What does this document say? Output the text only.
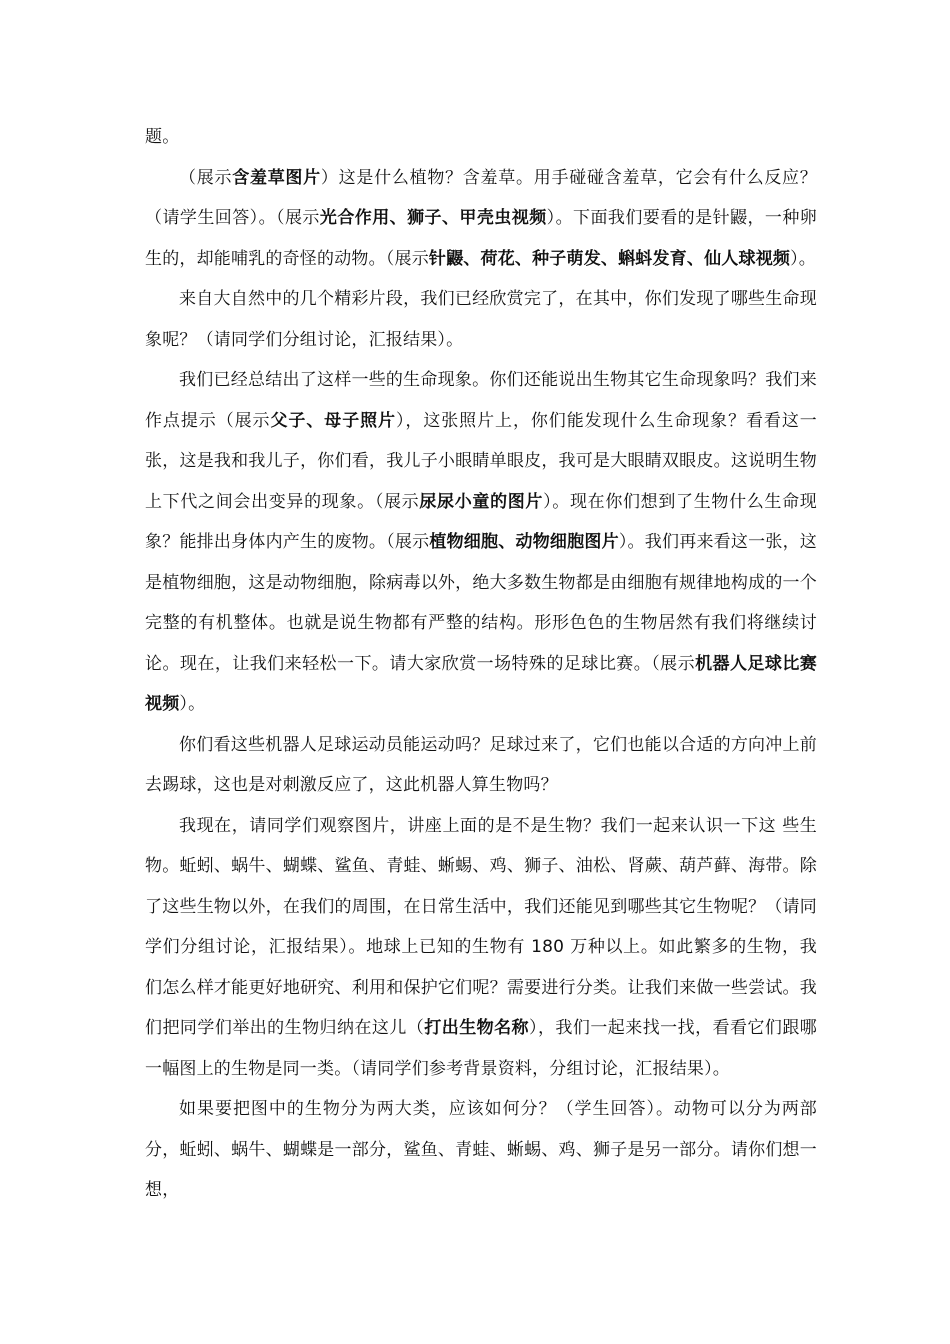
题。

（展示含羞草图片）这是什么植物？含羞草。用手碰碰含羞草，它会有什么反应？（请学生回答）。（展示光合作用、狮子、甲壳虫视频）。下面我们要看的是针鼹，一种卵生的，却能哺乳的奇怪的动物。（展示针鼹、荷花、种子萌发、蝌蚪发育、仙人球视频）。

来自大自然中的几个精彩片段，我们已经欣赏完了，在其中，你们发现了哪些生命现象呢？（请同学们分组讨论，汇报结果）。

我们已经总结出了这样一些的生命现象。你们还能说出生物其它生命现象吗？我们来作点提示（展示父子、母子照片），这张照片上，你们能发现什么生命现象？看看这一张，这是我和我儿子，你们看，我儿子小眼睛单眼皮，我可是大眼睛双眼皮。这说明生物上下代之间会出变异的现象。（展示尿尿小童的图片）。现在你们想到了生物什么生命现象？能排出身体内产生的废物。（展示植物细胞、动物细胞图片）。我们再来看这一张，这是植物细胞，这是动物细胞，除病毒以外，绝大多数生物都是由细胞有规律地构成的一个完整的有机整体。也就是说生物都有严整的结构。形形色色的生物居然有我们将继续讨论。现在，让我们来轻松一下。请大家欣赏一场特殊的足球比赛。（展示机器人足球比赛视频）。

你们看这些机器人足球运动员能运动吗？足球过来了，它们也能以合适的方向冲上前去踢球，这也是对刺激反应了，这此机器人算生物吗？

我现在，请同学们观察图片，讲座上面的是不是生物？我们一起来认识一下这 些生物。蚯蚓、蜗牛、蝴蝶、鲨鱼、青蛙、蜥蜴、鸡、狮子、油松、肾蕨、葫芦藓、海带。除了这些生物以外，在我们的周围，在日常生活中，我们还能见到哪些其它生物呢？（请同学们分组讨论，汇报结果）。地球上已知的生物有 180 万种以上。如此繁多的生物，我们怎么样才能更好地研究、利用和保护它们呢？需要进行分类。让我们来做一些尝试。我们把同学们举出的生物归纳在这儿（打出生物名称），我们一起来找一找，看看它们跟哪一幅图上的生物是同一类。（请同学们参考背景资料，分组讨论，汇报结果）。

如果要把图中的生物分为两大类，应该如何分？（学生回答）。动物可以分为两部分，蚯蚓、蜗牛、蝴蝶是一部分，鲨鱼、青蛙、蜥蜴、鸡、狮子是另一部分。请你们想一想，
